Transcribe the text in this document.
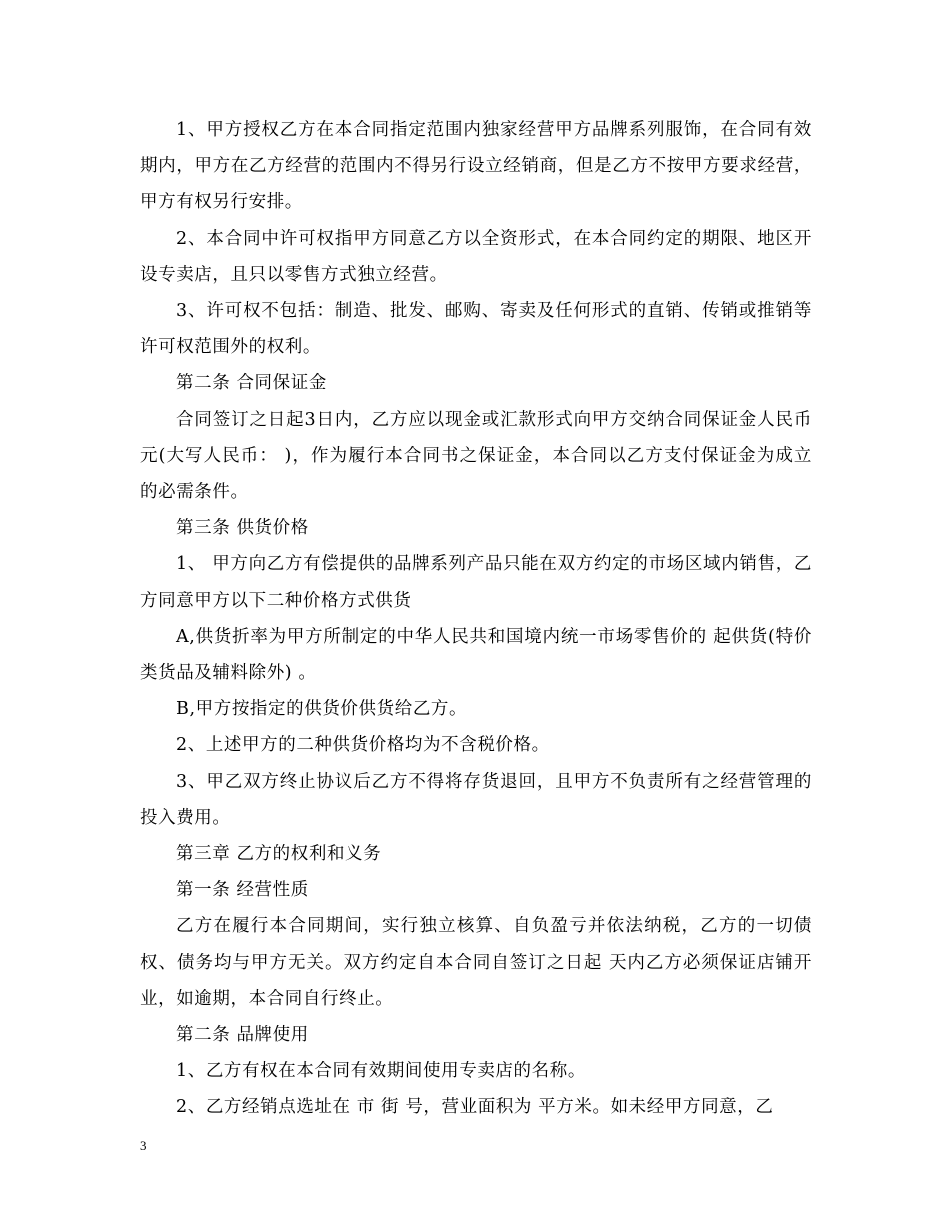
1、甲方授权乙方在本合同指定范围内独家经营甲方品牌系列服饰，在合同有效期内，甲方在乙方经营的范围内不得另行设立经销商，但是乙方不按甲方要求经营，甲方有权另行安排。

2、本合同中许可权指甲方同意乙方以全资形式，在本合同约定的期限、地区开设专卖店，且只以零售方式独立经营。

3、许可权不包括：制造、批发、邮购、寄卖及任何形式的直销、传销或推销等许可权范围外的权利。

第二条 合同保证金

合同签订之日起3日内，乙方应以现金或汇款形式向甲方交纳合同保证金人民币 元(大写人民币： )，作为履行本合同书之保证金，本合同以乙方支付保证金为成立的必需条件。

第三条 供货价格

1、 甲方向乙方有偿提供的品牌系列产品只能在双方约定的市场区域内销售，乙方同意甲方以下二种价格方式供货

A,供货折率为甲方所制定的中华人民共和国境内统一市场零售价的 起供货(特价类货品及辅料除外) 。

B,甲方按指定的供货价供货给乙方。

2、上述甲方的二种供货价格均为不含税价格。

3、甲乙双方终止协议后乙方不得将存货退回，且甲方不负责所有之经营管理的投入费用。

第三章 乙方的权利和义务

第一条 经营性质

乙方在履行本合同期间，实行独立核算、自负盈亏并依法纳税，乙方的一切债权、债务均与甲方无关。双方约定自本合同自签订之日起 天内乙方必须保证店铺开业，如逾期，本合同自行终止。

第二条 品牌使用

1、乙方有权在本合同有效期间使用专卖店的名称。

2、乙方经销点选址在 市 街 号，营业面积为 平方米。如未经甲方同意，乙

3
